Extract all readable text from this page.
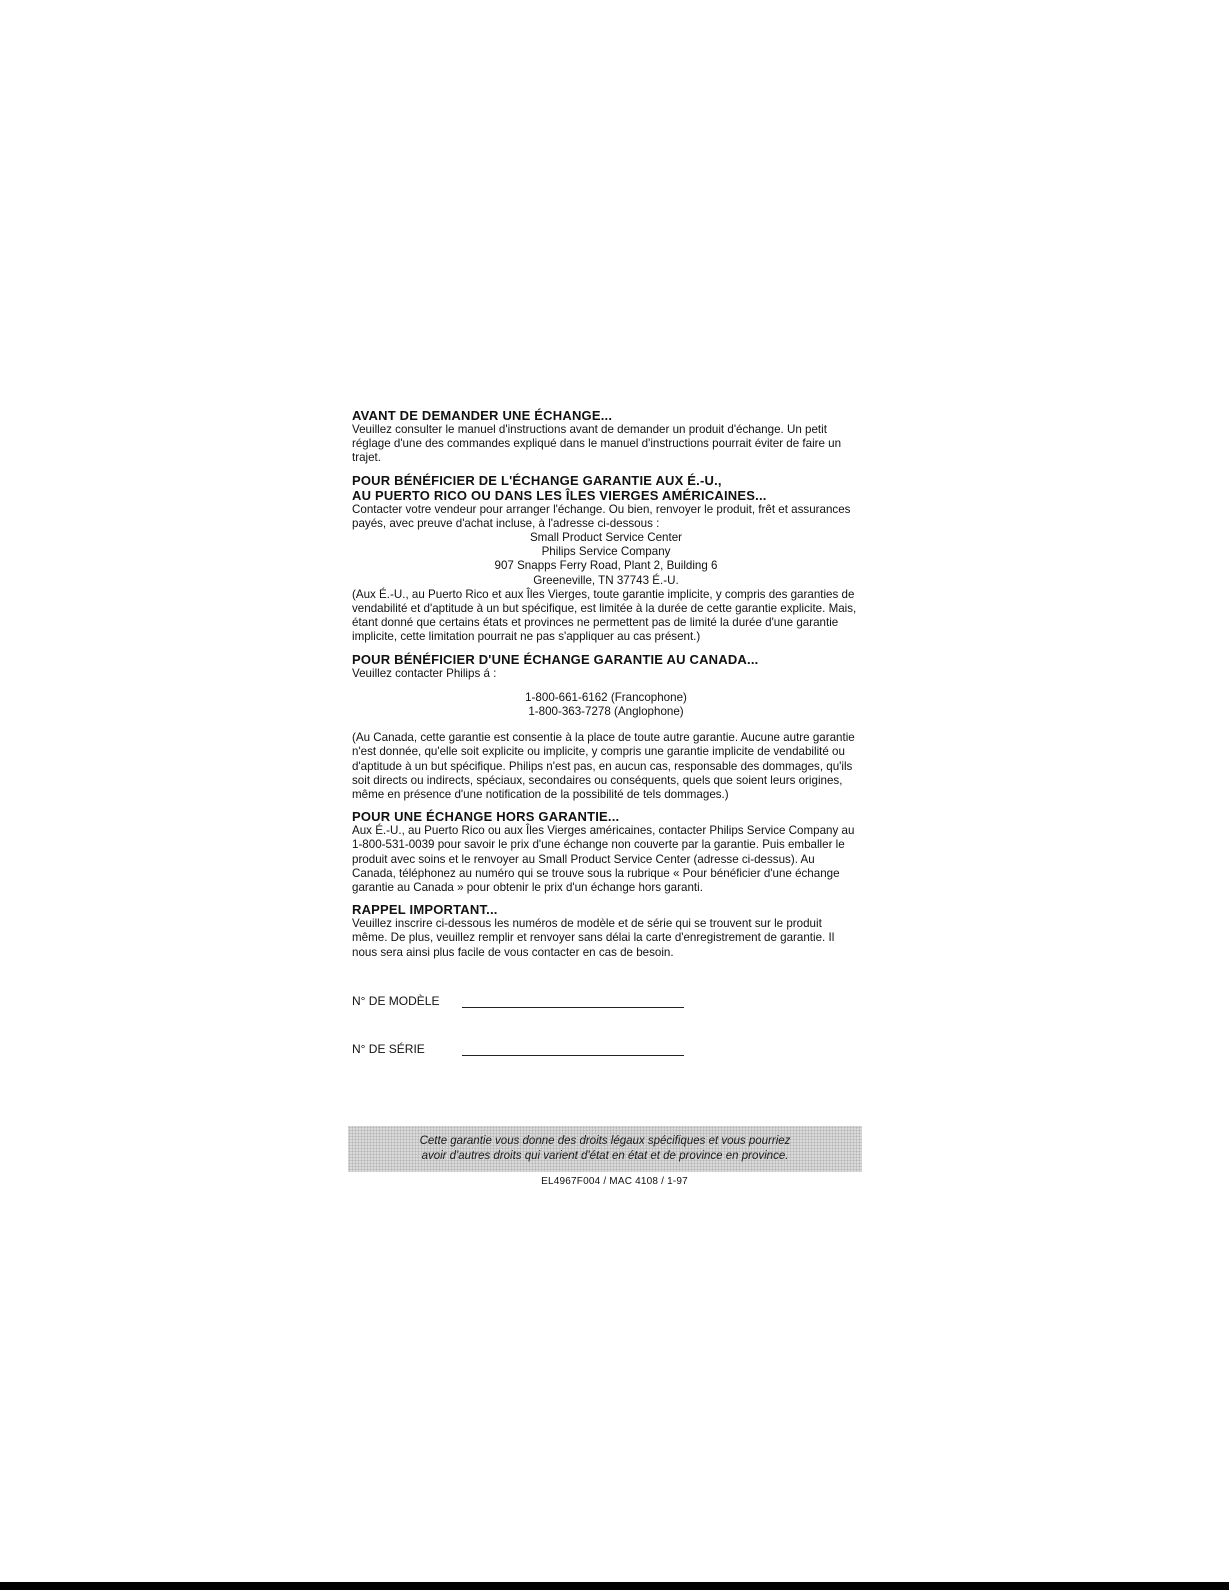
AVANT DE DEMANDER UNE ÉCHANGE...

Veuillez consulter le manuel d'instructions avant de demander un produit d'échange. Un petit réglage d'une des commandes expliqué dans le manuel d'instructions pourrait éviter de faire un trajet.

POUR BÉNÉFICIER DE L'ÉCHANGE GARANTIE AUX É.-U.,
AU PUERTO RICO OU DANS LES ÎLES VIERGES AMÉRICAINES...

Contacter votre vendeur pour arranger l'échange. Ou bien, renvoyer le produit, frêt et assurances payés, avec preuve d'achat incluse, à l'adresse ci-dessous :

Small Product Service Center
Philips Service Company
907 Snapps Ferry Road, Plant 2, Building 6
Greeneville, TN 37743 É.-U.

(Aux É.-U., au Puerto Rico et aux Îles Vierges, toute garantie implicite, y compris des garanties de vendabilité et d'aptitude à un but spécifique, est limitée à la durée de cette garantie explicite. Mais, étant donné que certains états et provinces ne permettent pas de limité la durée d'une garantie implicite, cette limitation pourrait ne pas s'appliquer au cas présent.)

POUR BÉNÉFICIER D'UNE ÉCHANGE GARANTIE AU CANADA...

Veuillez contacter Philips á :

1-800-661-6162 (Francophone)
1-800-363-7278 (Anglophone)

(Au Canada, cette garantie est consentie à la place de toute autre garantie. Aucune autre garantie n'est donnée, qu'elle soit explicite ou implicite, y compris une garantie implicite de vendabilité ou d'aptitude à un but spécifique. Philips n'est pas, en aucun cas, responsable des dommages, qu'ils soit directs ou indirects, spéciaux, secondaires ou conséquents, quels que soient leurs origines, même en présence d'une notification de la possibilité de tels dommages.)

POUR UNE ÉCHANGE HORS GARANTIE...

Aux É.-U., au Puerto Rico ou aux Îles Vierges américaines, contacter Philips Service Company au 1-800-531-0039 pour savoir le prix d'une échange non couverte par la garantie. Puis emballer le produit avec soins et le renvoyer au Small Product Service Center (adresse ci-dessus). Au Canada, téléphonez au numéro qui se trouve sous la rubrique « Pour bénéficier d'une échange garantie au Canada » pour obtenir le prix d'un échange hors garanti.

RAPPEL IMPORTANT...

Veuillez inscrire ci-dessous les numéros de modèle et de série qui se trouvent sur le produit même. De plus, veuillez remplir et renvoyer sans délai la carte d'enregistrement de garantie. Il nous sera ainsi plus facile de vous contacter en cas de besoin.

N° DE MODÈLE
N° DE SÉRIE
Cette garantie vous donne des droits légaux spécifiques et vous pourriez
avoir d'autres droits qui varient d'état en état et de province en province.
EL4967F004 / MAC 4108 / 1-97
